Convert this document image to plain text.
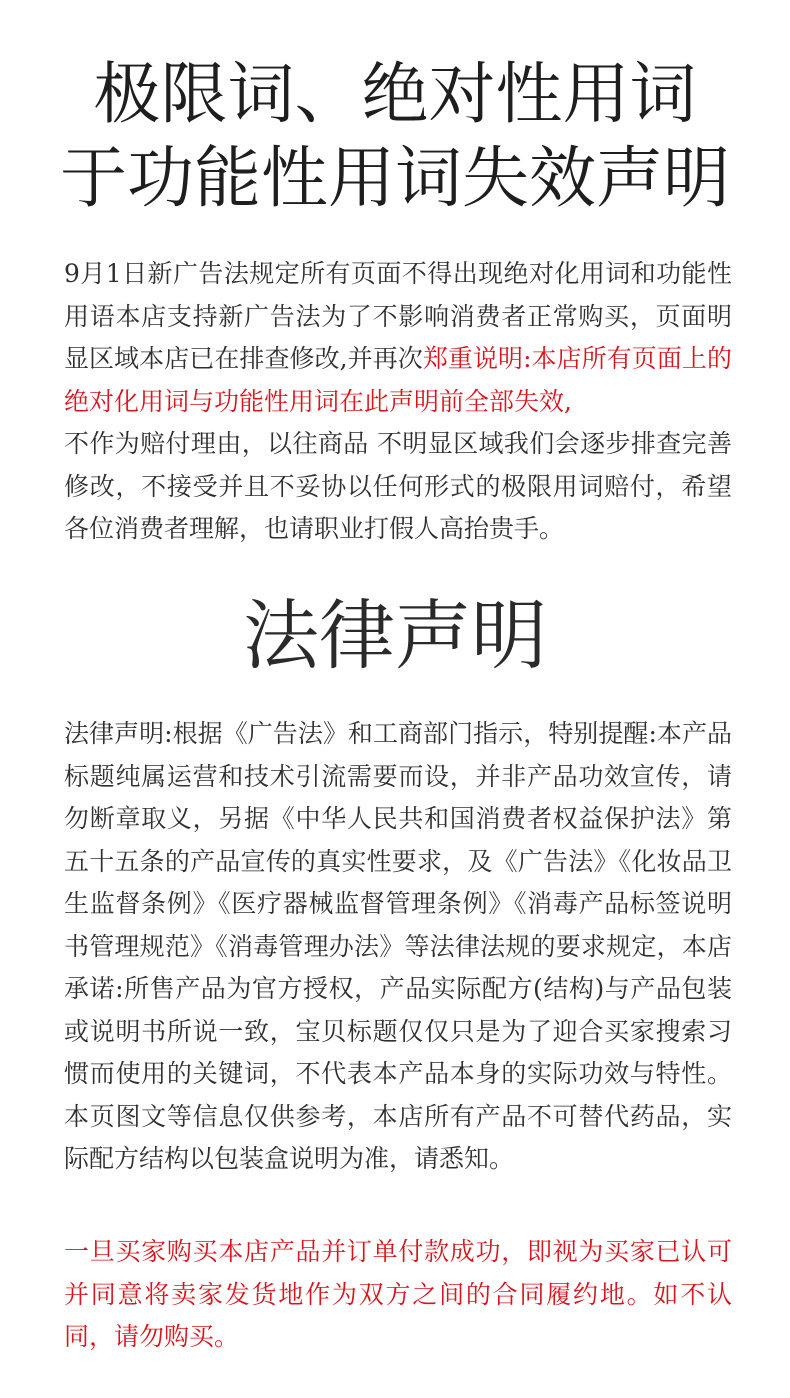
极限词、绝对性用词
于功能性用词失效声明

9月1日新广告法规定所有页面不得出现绝对化用词和功能性用语本店支持新广告法为了不影响消费者正常购买，页面明显区域本店已在排查修改,并再次郑重说明:本店所有页面上的绝对化用词与功能性用词在此声明前全部失效,
不作为赔付理由，以往商品 不明显区域我们会逐步排查完善修改，不接受并且不妥协以任何形式的极限用词赔付，希望各位消费者理解，也请职业打假人高抬贵手。

法律声明

法律声明:根据《广告法》和工商部门指示，特别提醒:本产品标题纯属运营和技术引流需要而设，并非产品功效宣传，请勿断章取义，另据《中华人民共和国消费者权益保护法》第五十五条的产品宣传的真实性要求，及《广告法》《化妆品卫生监督条例》《医疗器械监督管理条例》《消毒产品标签说明书管理规范》《消毒管理办法》等法律法规的要求规定，本店承诺:所售产品为官方授权，产品实际配方(结构)与产品包装或说明书所说一致，宝贝标题仅仅只是为了迎合买家搜索习惯而使用的关键词，不代表本产品本身的实际功效与特性。本页图文等信息仅供参考，本店所有产品不可替代药品，实际配方结构以包装盒说明为准，请悉知。

一旦买家购买本店产品并订单付款成功，即视为买家已认可并同意将卖家发货地作为双方之间的合同履约地。如不认同，请勿购买。
